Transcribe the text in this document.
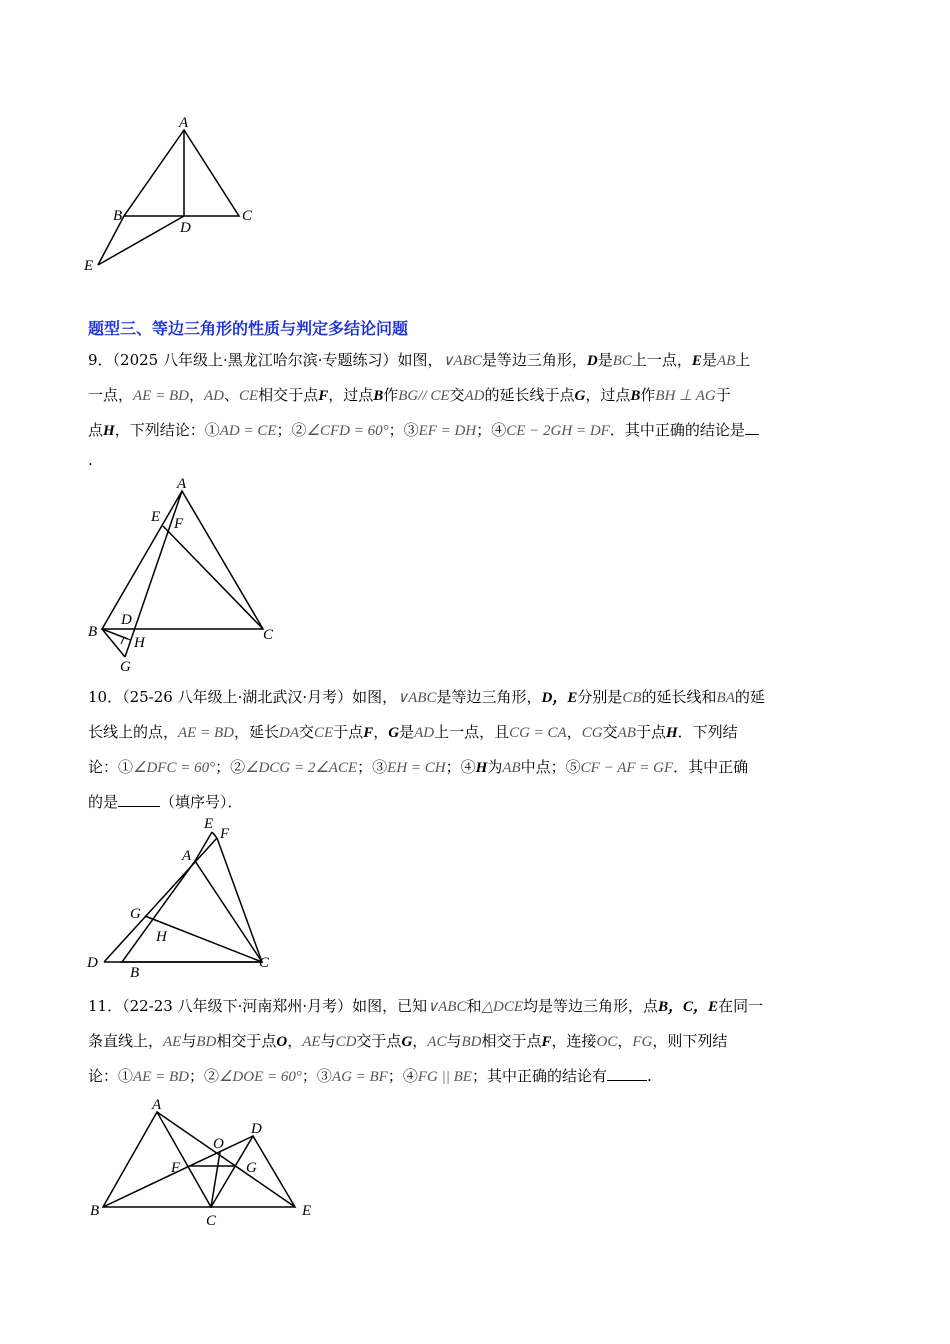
A
B	C
D
E
题型三、等边三角形的性质与判定多结论问题
9．（2025 八年级上·黑龙江哈尔滨·专题练习）如图，∨ABC是等边三角形，D是BC上一点，E是AB上
一点，AE = BD，AD、CE相交于点F，过点B作BG// CE交AD的延长线于点G，过点B作BH ⊥ AG于
点H，下列结论：①AD = CE；②∠CFD = 60°；③EF = DH；④CE − 2GH = DF．其中正确的结论是
.
A
E F
B
D
H	C
G
10．（25-26 八年级上·湖北武汉·月考）如图，∨ABC是等边三角形，D，E分别是CB的延长线和BA的延
长线上的点，AE = BD，延长DA交CE于点F，G是AD上一点，且CG = CA，CG交AB于点H．下列结
论：①∠DFC = 60°；②∠DCG = 2∠ACE；③EH = CH；④H为AB中点；⑤CF − AF = GF．其中正确
的是	（填序号）．
E
F
A
G
H
D
B
C
11．（22-23 八年级下·河南郑州·月考）如图，已知∨ABC和△DCE均是等边三角形，点B，C，E在同一
条直线上，AE与BD相交于点O，AE与CD交于点G，AC与BD相交于点F，连接OC，FG，则下列结
论：①AE = BD；②∠DOE = 60°；③AG = BF；④FG || BE；其中正确的结论有	.
A
D
O
F	G
B
C
E
